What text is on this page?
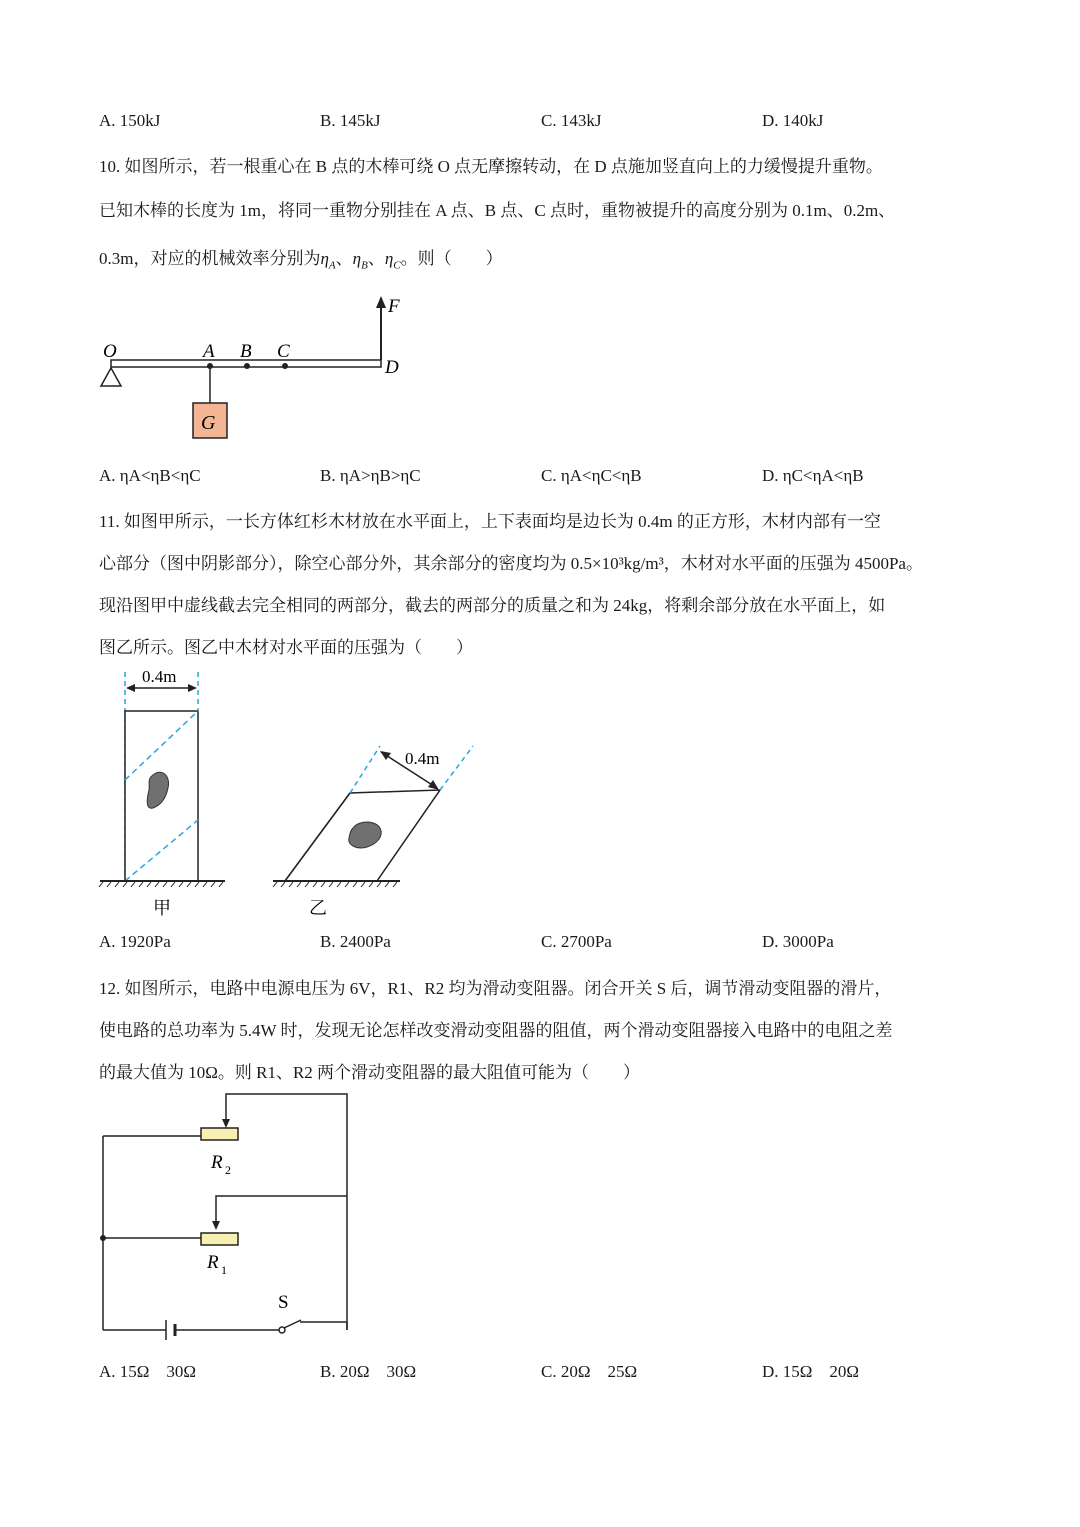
A. 150kJ	B. 145kJ	C. 143kJ	D. 140kJ
10. 如图所示，若一根重心在 B 点的木棒可绕 O 点无摩擦转动，在 D 点施加竖直向上的力缓慢提升重物。
已知木棒的长度为 1m，将同一重物分别挂在 A 点、B 点、C 点时，重物被提升的高度分别为 0.1m、0.2m、
0.3m，对应的机械效率分别为$\eta_A$、$\eta_B$、$\eta_C$。则（　　）
F
O	A B C
D
G
A. ηA<ηB<ηC	B. ηA>ηB>ηC	C. ηA<ηC<ηB	D. ηC<ηA<ηB
11. 如图甲所示，一长方体红杉木材放在水平面上，上下表面均是边长为 0.4m 的正方形，木材内部有一空
心部分（图中阴影部分），除空心部分外，其余部分的密度均为 0.5×10³kg/m³，木材对水平面的压强为 4500Pa。
现沿图甲中虚线截去完全相同的两部分，截去的两部分的质量之和为 24kg，将剩余部分放在水平面上，如
图乙所示。图乙中木材对水平面的压强为（　　）
0.4m
甲
0.4m
乙
A. 1920Pa	B. 2400Pa	C. 2700Pa	D. 3000Pa
12. 如图所示，电路中电源电压为 6V，R1、R2 均为滑动变阻器。闭合开关 S 后，调节滑动变阻器的滑片，
使电路的总功率为 5.4W 时，发现无论怎样改变滑动变阻器的阻值，两个滑动变阻器接入电路中的电阻之差
的最大值为 10Ω。则 R1、R2 两个滑动变阻器的最大阻值可能为（　　）
R 2
R 1
S
A. 15Ω　30Ω	B. 20Ω　30Ω	C. 20Ω　25Ω	D. 15Ω　20Ω
